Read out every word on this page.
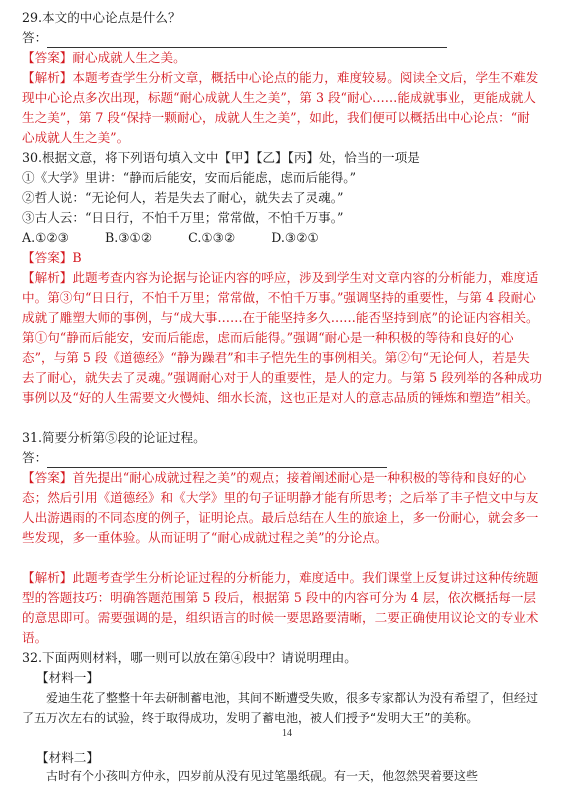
29.本文的中心论点是什么？
答：
【答案】耐心成就人生之美。
【解析】本题考查学生分析文章，概括中心论点的能力，难度较易。阅读全文后，学生不难发现中心论点多次出现，标题“耐心成就人生之美”，第 3 段“耐心……能成就事业，更能成就人生之美”，第 7 段“保持一颗耐心，成就人生之美”，如此，我们便可以概括出中心论点：“耐心成就人生之美”。
30.根据文意，将下列语句填入文中【甲】【乙】【丙】处，恰当的一项是
①《大学》里讲：“静而后能安，安而后能虑，虑而后能得。”
②哲人说：“无论何人，若是失去了耐心，就失去了灵魂。”
③古人云：“日日行，不怕千万里；常常做，不怕千万事。”
A.①②③	B.③①②	C.①③②	D.③②①
【答案】B
【解析】此题考查内容为论据与论证内容的呼应，涉及到学生对文章内容的分析能力，难度适中。第③句“日日行，不怕千万里；常常做，不怕千万事。”强调坚持的重要性，与第 4 段耐心成就了雕塑大师的事例，与“成大事……在于能坚持多久……能否坚持到底”的论证内容相关。第①句“静而后能安，安而后能虑，虑而后能得。”强调“耐心是一种积极的等待和良好的心态”，与第 5 段《道德经》“静为躁君”和丰子恺先生的事例相关。第②句“无论何人，若是失去了耐心，就失去了灵魂。”强调耐心对于人的重要性，是人的定力。与第 5 段列举的各种成功事例以及“好的人生需要文火慢炖、细水长流，这也正是对人的意志品质的锤炼和塑造”相关。
31.简要分析第⑤段的论证过程。
答：
【答案】首先提出“耐心成就过程之美”的观点；接着阐述耐心是一种积极的等待和良好的心态；然后引用《道德经》和《大学》里的句子证明静才能有所思考；之后举了丰子恺文中与友人出游遇雨的不同态度的例子，证明论点。最后总结在人生的旅途上，多一份耐心，就会多一些发现，多一重体验。从而证明了“耐心成就过程之美”的分论点。
【解析】此题考查学生分析论证过程的分析能力，难度适中。我们课堂上反复讲过这种传统题型的答题技巧：明确答题范围第 5 段后，根据第 5 段中的内容可分为 4 层，依次概括每一层的意思即可。需要强调的是，组织语言的时候一要思路要清晰，二要正确使用议论文的专业术语。
32.下面两则材料，哪一则可以放在第④段中？请说明理由。
【材料一】
爱迪生花了整整十年去研制蓄电池，其间不断遭受失败，很多专家都认为没有希望了，但经过了五万次左右的试验，终于取得成功，发明了蓄电池，被人们授予“发明大王”的美称。
【材料二】
古时有个小孩叫方仲永，四岁前从没有见过笔墨纸砚。有一天，他忽然哭着要这些
14
